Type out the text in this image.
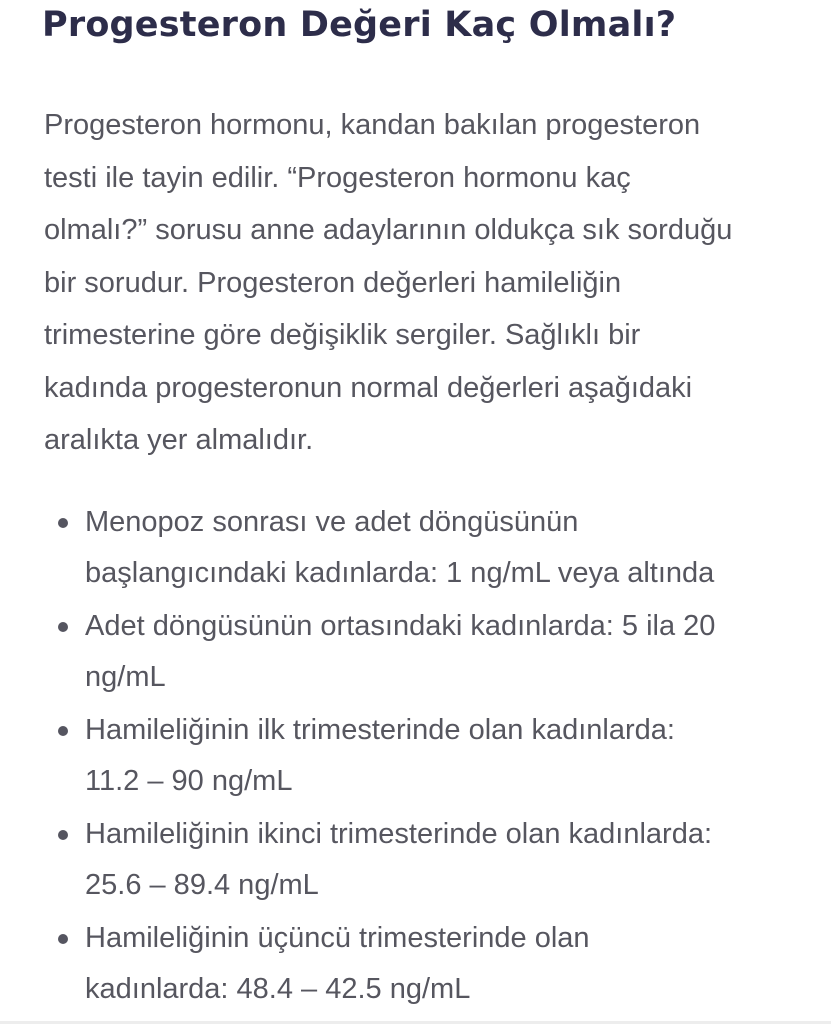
Progesteron Değeri Kaç Olmalı?

Progesteron hormonu, kandan bakılan progesteron
testi ile tayin edilir. “Progesteron hormonu kaç
olmalı?” sorusu anne adaylarının oldukça sık sorduğu
bir sorudur. Progesteron değerleri hamileliğin
trimesterine göre değişiklik sergiler. Sağlıklı bir
kadında progesteronun normal değerleri aşağıdaki
aralıkta yer almalıdır.

Menopoz sonrası ve adet döngüsünün
başlangıcındaki kadınlarda: 1 ng/mL veya altında
Adet döngüsünün ortasındaki kadınlarda: 5 ila 20
ng/mL
Hamileliğinin ilk trimesterinde olan kadınlarda:
11.2 – 90 ng/mL
Hamileliğinin ikinci trimesterinde olan kadınlarda:
25.6 – 89.4 ng/mL
Hamileliğinin üçüncü trimesterinde olan
kadınlarda: 48.4 – 42.5 ng/mL
